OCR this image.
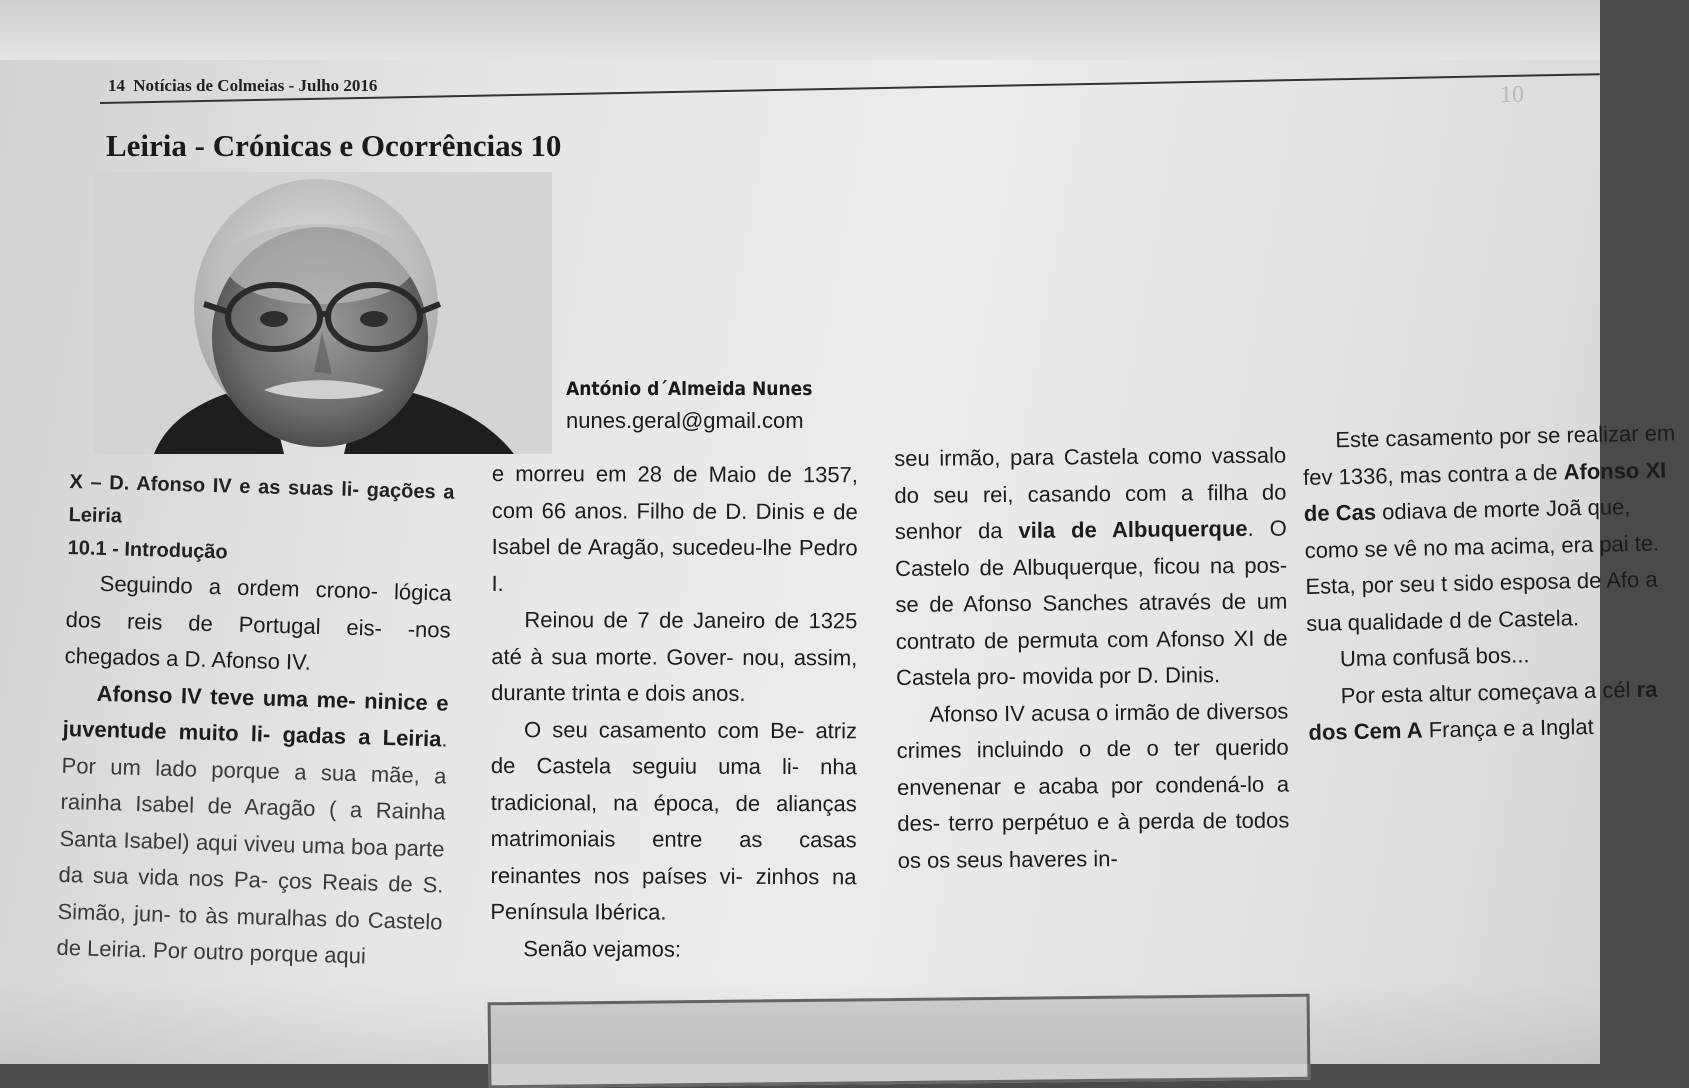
14 Notícias de Colmeias - Julho 2016	10
Leiria - Crónicas e Ocorrências 10
António d´Almeida Nunes
nunes.geral@gmail.com

X – D. Afonso IV e as suas li- gações a Leiria

10.1 - Introdução

Seguindo a ordem crono- lógica dos reis de Portugal eis- -nos chegados a D. Afonso IV.

Afonso IV teve uma me- ninice e juventude muito li- gadas a Leiria. Por um lado porque a sua mãe, a rainha Isabel de Aragão ( a Rainha Santa Isabel) aqui viveu uma boa parte da sua vida nos Pa- ços Reais de S. Simão, jun- to às muralhas do Castelo de Leiria. Por outro porque aqui

e morreu em 28 de Maio de 1357, com 66 anos. Filho de D. Dinis e de Isabel de Aragão, sucedeu-lhe Pedro I.

Reinou de 7 de Janeiro de 1325 até à sua morte. Gover- nou, assim, durante trinta e dois anos.

O seu casamento com Be- atriz de Castela seguiu uma li- nha tradicional, na época, de alianças matrimoniais entre as casas reinantes nos países vi- zinhos na Península Ibérica.

Senão vejamos:

seu irmão, para Castela como vassalo do seu rei, casando com a filha do senhor da vila de Albuquerque. O Castelo de Albuquerque, ficou na pos- se de Afonso Sanches através de um contrato de permuta com Afonso XI de Castela pro- movida por D. Dinis.

Afonso IV acusa o irmão de diversos crimes incluindo o de o ter querido envenenar e acaba por condená-lo a des- terro perpétuo e à perda de todos os os seus haveres in-

Este casamento por se realizar em fev 1336, mas contra a de Afonso XI de Cas odiava de morte Joã que, como se vê no ma acima, era pai te. Esta, por seu t sido esposa de Afo a sua qualidade d de Castela.

Uma confusã bos...

Por esta altur começava a cél ra dos Cem A França e a Inglat
